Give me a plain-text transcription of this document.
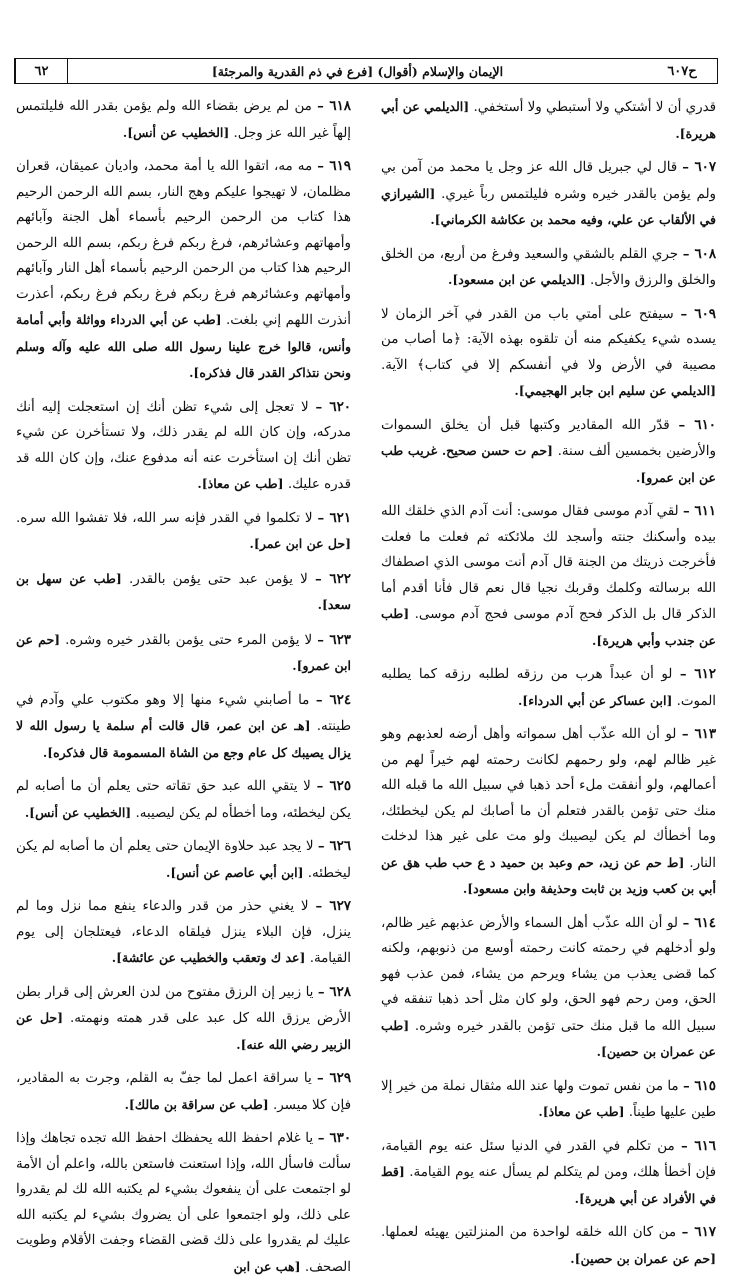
ح٦٠٧
الإيمان والإسلام (أقوال) [فرع في ذم القدرية والمرجئة]
٦٢

قدري أن لا أشتكي ولا أستبطي ولا أستخفي. [الديلمي عن أبي هريرة].

٦٠٧ – قال لي جبريل قال الله عز وجل يا محمد من آمن بي ولم يؤمن بالقدر خيره وشره فليلتمس رباً غيري. [الشيرازي في الألقاب عن علي، وفيه محمد بن عكاشة الكرماني].

٦٠٨ – جري القلم بالشقي والسعيد وفرغ من أربع، من الخلق والخلق والرزق والأجل. [الديلمي عن ابن مسعود].

٦٠٩ – سيفتح على أمتي باب من القدر في آخر الزمان لا يسده شيء يكفيكم منه أن تلقوه بهذه الآية: ﴿ما أصاب من مصيبة في الأرض ولا في أنفسكم إلا في كتاب﴾ الآية. [الديلمي عن سليم ابن جابر الهجيمي].

٦١٠ – قدّر الله المقادير وكتبها قبل أن يخلق السموات والأرضين بخمسين ألف سنة. [حم ت حسن صحيح. غريب طب عن ابن عمرو].

٦١١ – لقي آدم موسى فقال موسى: أنت آدم الذي خلقك الله بيده وأسكنك جنته وأسجد لك ملائكته ثم فعلت ما فعلت فأخرجت ذريتك من الجنة قال آدم أنت موسى الذي اصطفاك الله برسالته وكلمك وقربك نجيا قال نعم قال فأنا أقدم أما الذكر قال بل الذكر فحج آدم موسى فحج آدم موسى. [طب عن جندب وأبي هريرة].

٦١٢ – لو أن عبداً هرب من رزقه لطلبه رزقه كما يطلبه الموت. [ابن عساكر عن أبي الدرداء].

٦١٣ – لو أن الله عذّب أهل سمواته وأهل أرضه لعذبهم وهو غير ظالم لهم، ولو رحمهم لكانت رحمته لهم خيراً لهم من أعمالهم، ولو أنفقت ملء أحد ذهبا في سبيل الله ما قبله الله منك حتى تؤمن بالقدر فتعلم أن ما أصابك لم يكن ليخطئك، وما أخطأك لم يكن ليصيبك ولو مت على غير هذا لدخلت النار. [ط حم عن زيد، حم وعبد بن حميد د ع حب طب هق عن أبي بن كعب وزيد بن ثابت وحذيفة وابن مسعود].

٦١٤ – لو أن الله عذّب أهل السماء والأرض عذبهم غير ظالم، ولو أدخلهم في رحمته كانت رحمته أوسع من ذنوبهم، ولكنه كما قضى يعذب من يشاء ويرحم من يشاء، فمن عذب فهو الحق، ومن رحم فهو الحق، ولو كان مثل أحد ذهبا تنفقه في سبيل الله ما قبل منك حتى تؤمن بالقدر خيره وشره. [طب عن عمران بن حصين].

٦١٥ – ما من نفس تموت ولها عند الله مثقال نملة من خير إلا طين عليها طيناً. [طب عن معاذ].

٦١٦ – من تكلم في القدر في الدنيا سئل عنه يوم القيامة، فإن أخطأ هلك، ومن لم يتكلم لم يسأل عنه يوم القيامة. [قط في الأفراد عن أبي هريرة].

٦١٧ – من كان الله خلقه لواحدة من المنزلتين يهيئه لعملها. [حم عن عمران بن حصين].

٦١٨ – من لم يرض بقضاء الله ولم يؤمن بقدر الله فليلتمس إلهاً غير الله عز وجل. [الخطيب عن أنس].

٦١٩ – مه مه، اتقوا الله يا أمة محمد، واديان عميقان، قعران مظلمان، لا تهيجوا عليكم وهج النار، بسم الله الرحمن الرحيم هذا كتاب من الرحمن الرحيم بأسماء أهل الجنة وآبائهم وأمهاتهم وعشائرهم، فرغ ربكم فرغ ربكم، بسم الله الرحمن الرحيم هذا كتاب من الرحمن الرحيم بأسماء أهل النار وآبائهم وأمهاتهم وعشائرهم فرغ ربكم فرغ ربكم فرغ ربكم، أعذرت أنذرت اللهم إني بلغت. [طب عن أبي الدرداء وواثلة وأبي أمامة وأنس، قالوا خرج علينا رسول الله صلى الله عليه وآله وسلم ونحن نتذاكر القدر قال فذكره].

٦٢٠ – لا تعجل إلى شيء تظن أنك إن استعجلت إليه أنك مدركه، وإن كان الله لم يقدر ذلك، ولا تستأخرن عن شيء تظن أنك إن استأخرت عنه أنه مدفوع عنك، وإن كان الله قد قدره عليك. [طب عن معاذ].

٦٢١ – لا تكلموا في القدر فإنه سر الله، فلا تفشوا الله سره. [حل عن ابن عمر].

٦٢٢ – لا يؤمن عبد حتى يؤمن بالقدر. [طب عن سهل بن سعد].

٦٢٣ – لا يؤمن المرء حتى يؤمن بالقدر خيره وشره. [حم عن ابن عمرو].

٦٢٤ – ما أصابني شيء منها إلا وهو مكتوب علي وآدم في طينته. [هـ عن ابن عمر، قال قالت أم سلمة يا رسول الله لا يزال يصيبك كل عام وجع من الشاة المسمومة قال فذكره].

٦٢٥ – لا يتقي الله عبد حق تقاته حتى يعلم أن ما أصابه لم يكن ليخطئه، وما أخطأه لم يكن ليصيبه. [الخطيب عن أنس].

٦٢٦ – لا يجد عبد حلاوة الإيمان حتى يعلم أن ما أصابه لم يكن ليخطئه. [ابن أبي عاصم عن أنس].

٦٢٧ – لا يغني حذر من قدر والدعاء ينفع مما نزل وما لم ينزل، فإن البلاء ينزل فيلقاه الدعاء، فيعتلجان إلى يوم القيامة. [عد ك وتعقب والخطيب عن عائشة].

٦٢٨ – يا زبير إن الرزق مفتوح من لدن العرش إلى قرار بطن الأرض يرزق الله كل عبد على قدر همته ونهمته. [حل عن الزبير رضي الله عنه].

٦٢٩ – يا سراقة اعمل لما جفّ به القلم، وجرت به المقادير، فإن كلا ميسر. [طب عن سراقة بن مالك].

٦٣٠ – يا غلام احفظ الله يحفظك احفظ الله تجده تجاهك وإذا سألت فاسأل الله، وإذا استعنت فاستعن بالله، واعلم أن الأمة لو اجتمعت على أن ينفعوك بشيء لم يكتبه الله لك لم يقدروا على ذلك، ولو اجتمعوا على أن يضروك بشيء لم يكتبه الله عليك لم يقدروا على ذلك قضى القضاء وجفت الأقلام وطويت الصحف. [هب عن ابن
